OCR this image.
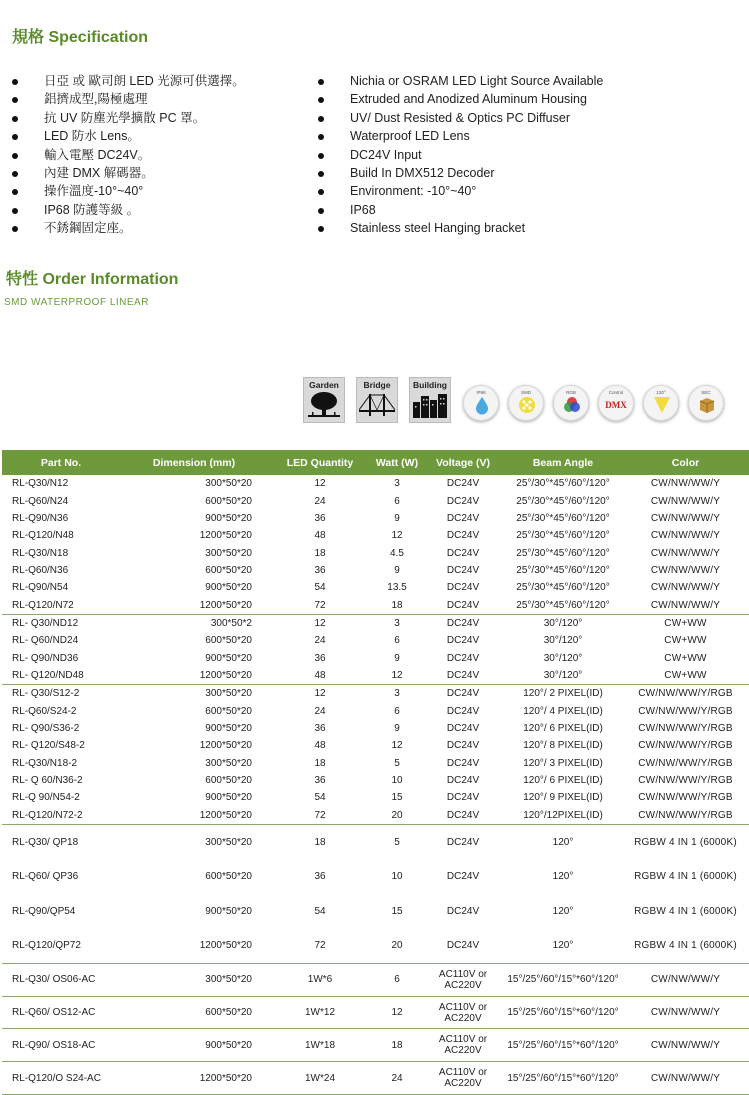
規格 Specification
日亞 或 歐司朗 LED 光源可供選擇。
鋁擠成型,陽極處理
抗 UV 防塵光學擴散 PC 罩。
LED 防水 Lens。
輸入電壓 DC24V。
內建 DMX 解碼器。
操作溫度-10°~40°
IP68 防護等級 。
不銹鋼固定座。
Nichia or OSRAM LED Light Source Available
Extruded and Anodized Aluminum Housing
UV/ Dust Resisted & Optics PC Diffuser
Waterproof LED Lens
DC24V Input
Build In DMX512 Decoder
Environment: -10°~40°
IP68
Stainless steel Hanging bracket
特性 Order Information
SMD WATERPROOF LINEAR
Garden	Bridge	Building
IP68	SMD	RGB	Control
DMX
120°	SEC
Part No.	Dimension (mm)	LED Quantity	Watt (W)	Voltage (V)	Beam Angle	Color
RL-Q30/N12	300*50*20	12	3	DC24V	25°/30°*45°/60°/120°	CW/NW/WW/Y
RL-Q60/N24	600*50*20	24	6	DC24V	25°/30°*45°/60°/120°	CW/NW/WW/Y
RL-Q90/N36	900*50*20	36	9	DC24V	25°/30°*45°/60°/120°	CW/NW/WW/Y
RL-Q120/N48	1200*50*20	48	12	DC24V	25°/30°*45°/60°/120°	CW/NW/WW/Y
RL-Q30/N18	300*50*20	18	4.5	DC24V	25°/30°*45°/60°/120°	CW/NW/WW/Y
RL-Q60/N36	600*50*20	36	9	DC24V	25°/30°*45°/60°/120°	CW/NW/WW/Y
RL-Q90/N54	900*50*20	54	13.5	DC24V	25°/30°*45°/60°/120°	CW/NW/WW/Y
RL-Q120/N72	1200*50*20	72	18	DC24V	25°/30°*45°/60°/120°	CW/NW/WW/Y
RL- Q30/ND12	300*50*2	12	3	DC24V	30°/120°	CW+WW
RL- Q60/ND24	600*50*20	24	6	DC24V	30°/120°	CW+WW
RL- Q90/ND36	900*50*20	36	9	DC24V	30°/120°	CW+WW
RL- Q120/ND48	1200*50*20	48	12	DC24V	30°/120°	CW+WW
RL- Q30/S12-2	300*50*20	12	3	DC24V	120°/ 2 PIXEL(ID)	CW/NW/WW/Y/RGB
RL-Q60/S24-2	600*50*20	24	6	DC24V	120°/ 4 PIXEL(ID)	CW/NW/WW/Y/RGB
RL- Q90/S36-2	900*50*20	36	9	DC24V	120°/ 6 PIXEL(ID)	CW/NW/WW/Y/RGB
RL- Q120/S48-2	1200*50*20	48	12	DC24V	120°/ 8 PIXEL(ID)	CW/NW/WW/Y/RGB
RL-Q30/N18-2	300*50*20	18	5	DC24V	120°/ 3 PIXEL(ID)	CW/NW/WW/Y/RGB
RL- Q 60/N36-2	600*50*20	36	10	DC24V	120°/ 6 PIXEL(ID)	CW/NW/WW/Y/RGB
RL-Q 90/N54-2	900*50*20	54	15	DC24V	120°/ 9 PIXEL(ID)	CW/NW/WW/Y/RGB
RL-Q120/N72-2	1200*50*20	72	20	DC24V	120°/12PIXEL(ID)	CW/NW/WW/Y/RGB
RL-Q30/ QP18	300*50*20	18	5	DC24V	120°	RGBW 4 IN 1 (6000K)
RL-Q60/ QP36	600*50*20	36	10	DC24V	120°	RGBW 4 IN 1 (6000K)
RL-Q90/QP54	900*50*20	54	15	DC24V	120°	RGBW 4 IN 1 (6000K)
RL-Q120/QP72	1200*50*20	72	20	DC24V	120°	RGBW 4 IN 1 (6000K)
RL-Q30/ OS06-AC	300*50*20	1W*6	6	AC110V or AC220V	15°/25°/60°/15°*60°/120°	CW/NW/WW/Y
RL-Q60/ OS12-AC	600*50*20	1W*12	12	AC110V or AC220V	15°/25°/60°/15°*60°/120°	CW/NW/WW/Y
RL-Q90/ OS18-AC	900*50*20	1W*18	18	AC110V or AC220V	15°/25°/60°/15°*60°/120°	CW/NW/WW/Y
RL-Q120/O S24-AC	1200*50*20	1W*24	24	AC110V or AC220V	15°/25°/60°/15°*60°/120°	CW/NW/WW/Y
